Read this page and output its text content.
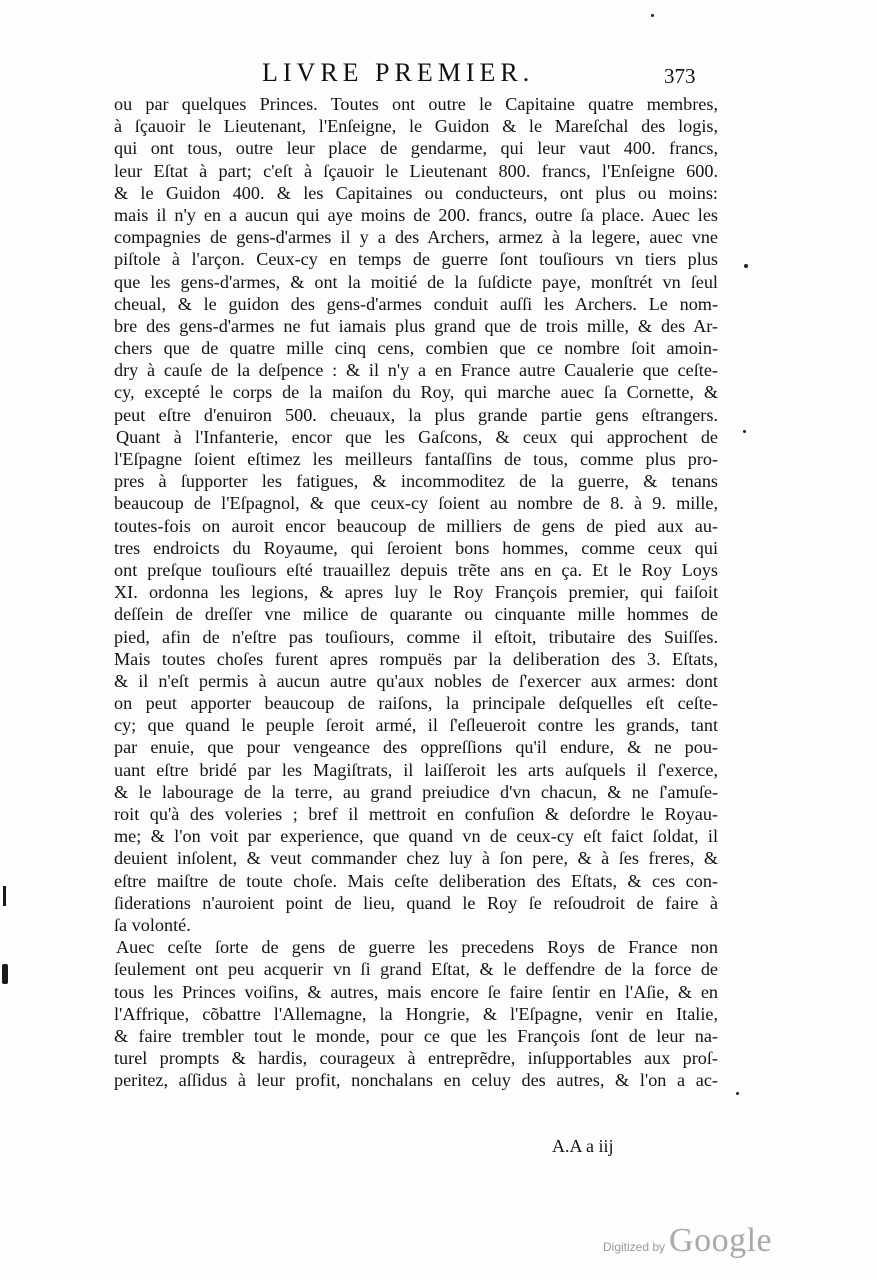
LIVRE PREMIER.	373
ou par quelques Princes. Toutes ont outre le Capitaine quatre membres,
à ſçauoir le Lieutenant, l'Enſeigne, le Guidon & le Mareſchal des logis,
qui ont tous, outre leur place de gendarme, qui leur vaut 400. francs,
leur Eſtat à part; c'eſt à ſçauoir le Lieutenant 800. francs, l'Enſeigne 600.
& le Guidon 400. & les Capitaines ou conducteurs, ont plus ou moins:
mais il n'y en a aucun qui aye moins de 200. francs, outre ſa place. Auec les
compagnies de gens-d'armes il y a des Archers, armez à la legere, auec vne
piſtole à l'arçon. Ceux-cy en temps de guerre ſont touſiours vn tiers plus
que les gens-d'armes, & ont la moitié de la ſuſdicte paye, monſtrét vn ſeul
cheual, & le guidon des gens-d'armes conduit auſſi les Archers. Le nom-
bre des gens-d'armes ne fut iamais plus grand que de trois mille, & des Ar-
chers que de quatre mille cinq cens, combien que ce nombre ſoit amoin-
dry à cauſe de la deſpence : & il n'y a en France autre Caualerie que ceſte-
cy, excepté le corps de la maiſon du Roy, qui marche auec ſa Cornette, &
peut eſtre d'enuiron 500. cheuaux, la plus grande partie gens eſtrangers.
Quant à l'Infanterie, encor que les Gaſcons, & ceux qui approchent de
l'Eſpagne ſoient eſtimez les meilleurs fantaſſins de tous, comme plus pro-
pres à ſupporter les fatigues, & incommoditez de la guerre, & tenans
beaucoup de l'Eſpagnol, & que ceux-cy ſoient au nombre de 8. à 9. mille,
toutes-fois on auroit encor beaucoup de milliers de gens de pied aux au-
tres endroicts du Royaume, qui ſeroient bons hommes, comme ceux qui
ont preſque touſiours eſté trauaillez depuis trẽte ans en ça. Et le Roy Loys
XI. ordonna les legions, & apres luy le Roy François premier, qui faiſoit
deſſein de dreſſer vne milice de quarante ou cinquante mille hommes de
pied, afin de n'eſtre pas touſiours, comme il eſtoit, tributaire des Suiſſes.
Mais toutes choſes furent apres rompuës par la deliberation des 3. Eſtats,
& il n'eſt permis à aucun autre qu'aux nobles de ſ'exercer aux armes: dont
on peut apporter beaucoup de raiſons, la principale deſquelles eſt ceſte-
cy; que quand le peuple ſeroit armé, il ſ'eſleueroit contre les grands, tant
par enuie, que pour vengeance des oppreſſions qu'il endure, & ne pou-
uant eſtre bridé par les Magiſtrats, il laiſſeroit les arts auſquels il ſ'exerce,
& le labourage de la terre, au grand preiudice d'vn chacun, & ne ſ'amuſe-
roit qu'à des voleries ; bref il mettroit en confuſion & deſordre le Royau-
me; & l'on voit par experience, que quand vn de ceux-cy eſt faict ſoldat, il
deuient inſolent, & veut commander chez luy à ſon pere, & à ſes freres, &
eſtre maiſtre de toute choſe. Mais ceſte deliberation des Eſtats, & ces con-
ſiderations n'auroient point de lieu, quand le Roy ſe reſoudroit de faire à
ſa volonté.
Auec ceſte ſorte de gens de guerre les precedens Roys de France non
ſeulement ont peu acquerir vn ſi grand Eſtat, & le deffendre de la force de
tous les Princes voiſins, & autres, mais encore ſe faire ſentir en l'Aſie, & en
l'Affrique, cõbattre l'Allemagne, la Hongrie, & l'Eſpagne, venir en Italie,
& faire trembler tout le monde, pour ce que les François ſont de leur na-
turel prompts & hardis, courageux à entreprẽdre, inſupportables aux proſ-
peritez, aſſidus à leur profit, nonchalans en celuy des autres, & l'on a ac-
A.A a iij
Digitized by Google
